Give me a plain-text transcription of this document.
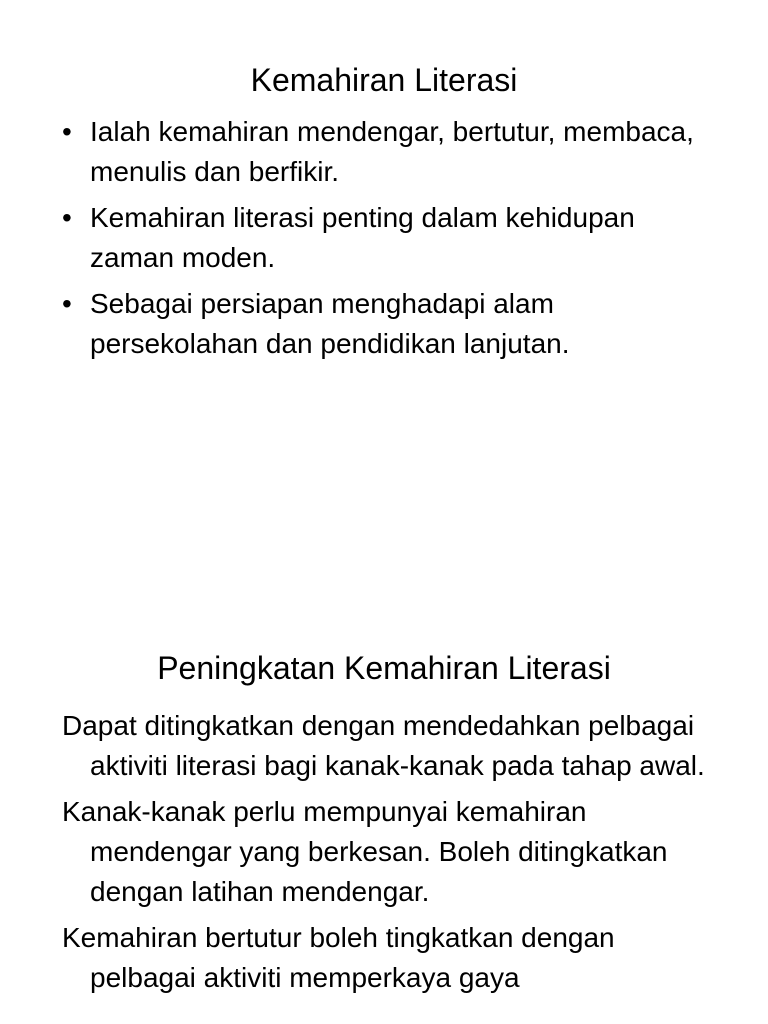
Kemahiran Literasi
• Ialah kemahiran mendengar, bertutur, membaca, menulis dan berfikir.
• Kemahiran literasi penting dalam kehidupan zaman moden.
• Sebagai persiapan menghadapi alam persekolahan dan pendidikan lanjutan.
Peningkatan Kemahiran Literasi
Dapat ditingkatkan dengan mendedahkan pelbagai aktiviti literasi bagi kanak-kanak pada tahap awal.
Kanak-kanak perlu mempunyai kemahiran mendengar yang berkesan. Boleh ditingkatkan dengan latihan mendengar.
Kemahiran bertutur boleh tingkatkan dengan pelbagai aktiviti memperkaya gaya
